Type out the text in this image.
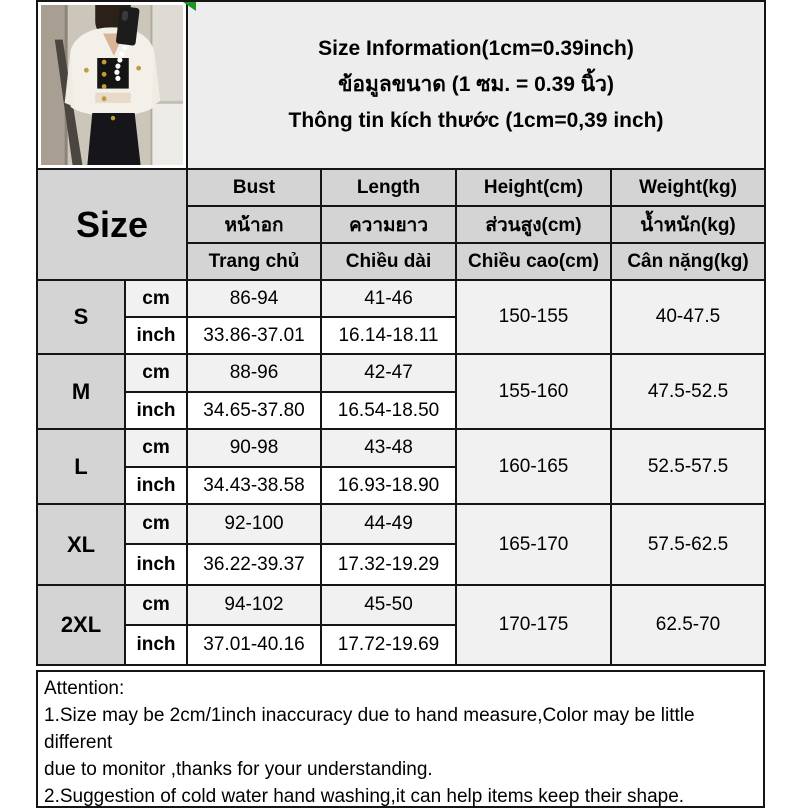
Size Information(1cm=0.39inch)
ข้อมูลขนาด (1 ซม. = 0.39 นิ้ว)
Thông tin kích thước (1cm=0,39 inch)			

Size		Bust	Length	Height(cm)	Weight(kg)
		หน้าอก	ความยาว	ส่วนสูง(cm)	น้ำหนัก(kg)
		Trang chủ	Chiều dài	Chiều cao(cm)	Cân nặng(kg)
S	cm	86-94	41-46	150-155	40-47.5
	inch	33.86-37.01	16.14-18.11		
M	cm	88-96	42-47	155-160	47.5-52.5
	inch	34.65-37.80	16.54-18.50		
L	cm	90-98	43-48	160-165	52.5-57.5
	inch	34.43-38.58	16.93-18.90		
XL	cm	92-100	44-49	165-170	57.5-62.5
	inch	36.22-39.37	17.32-19.29		
2XL	cm	94-102	45-50	170-175	62.5-70
	inch	37.01-40.16	17.72-19.69		
Attention:
1.Size may be 2cm/1inch inaccuracy due to hand measure,Color may be little different
due to monitor ,thanks for your understanding.
2.Suggestion of cold water hand washing,it can help items keep their shape.
